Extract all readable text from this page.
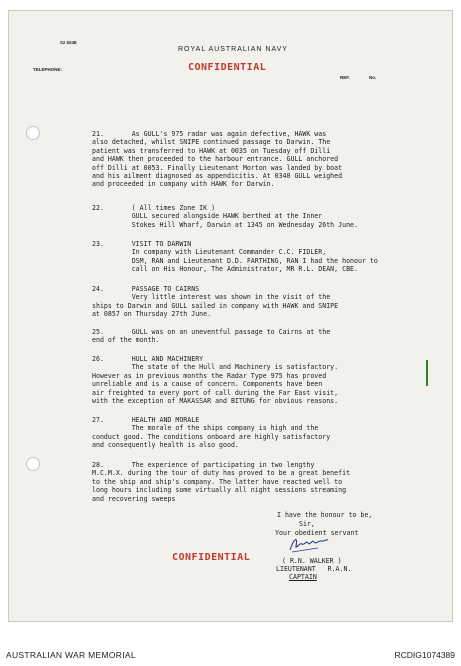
Sz 5248
ROYAL AUSTRALIAN NAVY
TELEPHONE:	CONFIDENTIAL
REF.	No.
21.       As GULL's 975 radar was again defective, HAWK was
also detached, whilst SNIPE continued passage to Darwin. The
patient was transferred to HAWK at 0035 on Tuesday off Dilli
and HAWK then proceeded to the harbour entrance. GULL anchored
off Dilli at 0053. Finally Lieutenant Morton was landed by boat
and his ailment diagnosed as appendicitis. At 0340 GULL weighed
and proceeded in company with HAWK for Darwin.
22.       ( All times Zone IK )
GULL secured alongside HAWK berthed at the Inner
Stokes Hill Wharf, Darwin at 1345 on Wednesday 26th June.
23.       VISIT TO DARWIN
In company with Lieutenant Commander C.C. FIDLER,
DSM, RAN and Lieutenant D.D. FARTHING, RAN I had the honour to
call on His Honour, The Administrator, MR R.L. DEAN, CBE.
24.       PASSAGE TO CAIRNS
Very little interest was shown in the visit of the
ships to Darwin and GULL sailed in company with HAWK and SNIPE
at 0857 on Thursday 27th June.
25.       GULL was on an uneventful passage to Cairns at the
end of the month.
26.       HULL AND MACHINERY
The state of the Hull and Machinery is satisfactory.
However as in previous months the Radar Type 975 has proved
unreliable and is a cause of concern. Components have been
air freighted to every port of call during the Far East visit,
with the exception of MAKASSAR and BITUNG for obvious reasons.
27.       HEALTH AND MORALE
The morale of the ships company is high and the
conduct good. The conditions onboard are highly satisfactory
and consequently health is also good.
28.       The experience of participating in two lengthy
M.C.M.X. during the tour of duty has proved to be a great benefit
to the ship and ship's company. The latter have reacted well to
long hours including some virtually all night sessions streaming
and recovering sweeps
I have the honour to be,
Sir,
Your obedient servant
CONFIDENTIAL	( R.N. WALKER )
LIEUTENANT   R.A.N.
CAPTAIN
AUSTRALIAN WAR MEMORIAL	RCDIG1074389
